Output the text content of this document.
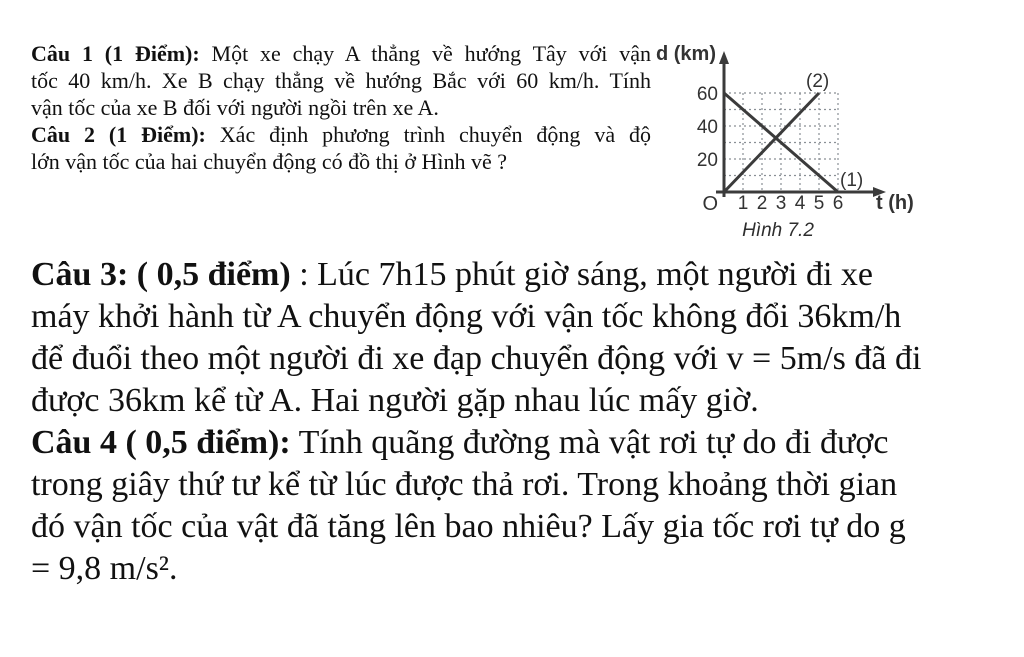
Câu 1 (1 Điểm): Một xe chạy A thẳng về hướng Tây với vận
tốc 40 km/h. Xe B chạy thẳng về hướng Bắc với 60 km/h. Tính
vận tốc của xe B đối với người ngồi trên xe A.
Câu 2 (1 Điểm): Xác định phương trình chuyển động và độ
lớn vận tốc của hai chuyển động có đồ thị ở Hình vẽ ?
(1)
(2)
d (km)
t (h)
O
20
40
60
1 2 3 4 5 6
Hình 7.2
Câu 3: ( 0,5 điểm) : Lúc 7h15 phút giờ sáng, một người đi xe
máy khởi hành từ A chuyển động với vận tốc không đổi 36km/h
để đuổi theo một người đi xe đạp chuyển động với v = 5m/s đã đi
được 36km kể từ A. Hai người gặp nhau lúc mấy giờ.
Câu 4 ( 0,5 điểm): Tính quãng đường mà vật rơi tự do đi được
trong giây thứ tư kể từ lúc được thả rơi. Trong khoảng thời gian
đó vận tốc của vật đã tăng lên bao nhiêu? Lấy gia tốc rơi tự do g
= 9,8 m/s².
